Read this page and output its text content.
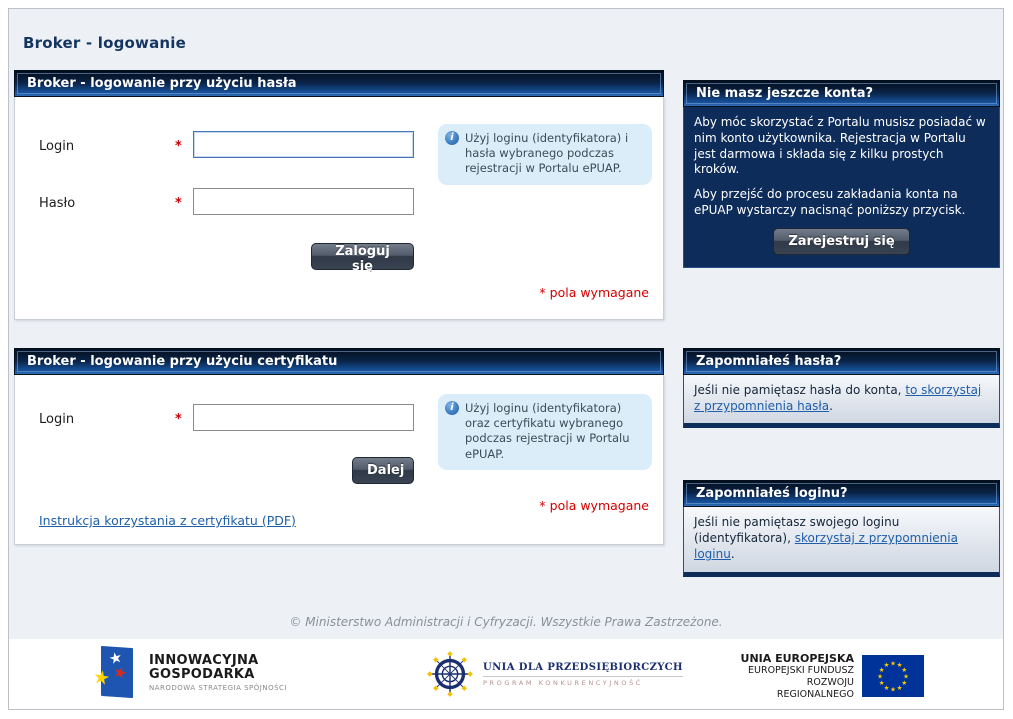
Broker - logowanie
Broker - logowanie przy użyciu hasła
Login	*
i Użyj loginu (identyfikatora) i hasła wybranego podczas rejestracji w Portalu ePUAP.
Hasło	*
Zaloguj się
* pola wymagane
Broker - logowanie przy użyciu certyfikatu
Login	*
i Użyj loginu (identyfikatora) oraz certyfikatu wybranego podczas rejestracji w Portalu ePUAP.
Dalej
* pola wymagane
Instrukcja korzystania z certyfikatu (PDF)
Nie masz jeszcze konta?

Aby móc skorzystać z Portalu musisz posiadać w nim konto użytkownika. Rejestracja w Portalu jest darmowa i składa się z kilku prostych kroków.

Aby przejść do procesu zakładania konta na ePUAP wystarczy nacisnąć poniższy przycisk.

Zarejestruj się
Zapomniałeś hasła?

Jeśli nie pamiętasz hasła do konta, to skorzystaj z przypomnienia hasła.

Zapomniałeś loginu?

Jeśli nie pamiętasz swojego loginu (identyfikatora), skorzystaj z przypomnienia loginu.

© Ministerstwo Administracji i Cyfryzacji. Wszystkie Prawa Zastrzeżone.
★
★
★
INNOWACYJNA
GOSPODARKA
NARODOWA STRATEGIA SPÓJNOŚCI
UNIA DLA PRZEDSIĘBIORCZYCH
PROGRAM KONKURENCYJNOŚĆ
UNIA EUROPEJSKA
EUROPEJSKI FUNDUSZ
ROZWOJU REGIONALNEGO
★ ★
★
★
★
★
★
★
★
★
★
★
